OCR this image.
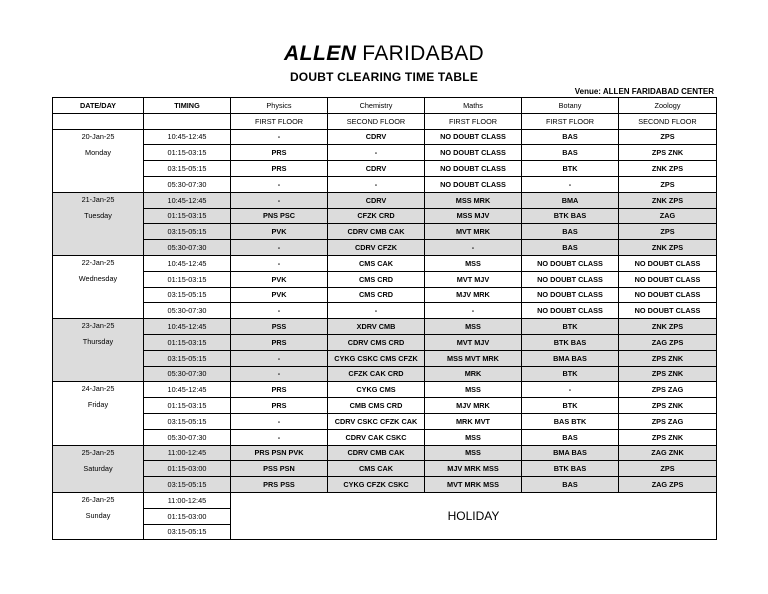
ALLEN FARIDABAD
DOUBT CLEARING TIME TABLE
Venue: ALLEN FARIDABAD CENTER
DATE/DAY	TIMING	Physics	Chemistry	Maths	Botany	Zoology
		FIRST FLOOR	SECOND FLOOR	FIRST FLOOR	FIRST FLOOR	SECOND FLOOR

20-Jan-25
Monday	10:45-12:45	-	CDRV	NO DOUBT CLASS	BAS	ZPS
	01:15-03:15	PRS	-	NO DOUBT CLASS	BAS	ZPS ZNK
	03:15-05:15	PRS	CDRV	NO DOUBT CLASS	BTK	ZNK ZPS
	05:30-07:30	-	-	NO DOUBT CLASS	-	ZPS

21-Jan-25
Tuesday	10:45-12:45	-	CDRV	MSS MRK	BMA	ZNK ZPS
	01:15-03:15	PNS PSC	CFZK CRD	MSS MJV	BTK BAS	ZAG
	03:15-05:15	PVK	CDRV CMB CAK	MVT MRK	BAS	ZPS
	05:30-07:30	-	CDRV CFZK	-	BAS	ZNK ZPS

22-Jan-25
Wednesday	10:45-12:45	-	CMS CAK	MSS	NO DOUBT CLASS	NO DOUBT CLASS
	01:15-03:15	PVK	CMS CRD	MVT MJV	NO DOUBT CLASS	NO DOUBT CLASS
	03:15-05:15	PVK	CMS CRD	MJV MRK	NO DOUBT CLASS	NO DOUBT CLASS
	05:30-07:30	-	-	-	NO DOUBT CLASS	NO DOUBT CLASS

23-Jan-25
Thursday	10:45-12:45	PSS	XDRV CMB	MSS	BTK	ZNK ZPS
	01:15-03:15	PRS	CDRV CMS CRD	MVT MJV	BTK BAS	ZAG ZPS
	03:15-05:15	-	CYKG CSKC CMS CFZK	MSS MVT MRK	BMA BAS	ZPS ZNK
	05:30-07:30	-	CFZK CAK CRD	MRK	BTK	ZPS ZNK

24-Jan-25
Friday	10:45-12:45	PRS	CYKG CMS	MSS	-	ZPS ZAG
	01:15-03:15	PRS	CMB CMS CRD	MJV MRK	BTK	ZPS ZNK
	03:15-05:15	-	CDRV CSKC CFZK CAK	MRK MVT	BAS BTK	ZPS ZAG
	05:30-07:30	-	CDRV CAK CSKC	MSS	BAS	ZPS ZNK

25-Jan-25
Saturday	11:00-12:45	PRS PSN PVK	CDRV CMB CAK	MSS	BMA BAS	ZAG ZNK
	01:15-03:00	PSS PSN	CMS CAK	MJV MRK MSS	BTK BAS	ZPS
	03:15-05:15	PRS PSS	CYKG CFZK CSKC	MVT MRK MSS	BAS	ZAG ZPS

26-Jan-25
Sunday	11:00-12:45	HOLIDAY				
	01:15-03:00					
	03:15-05:15					
